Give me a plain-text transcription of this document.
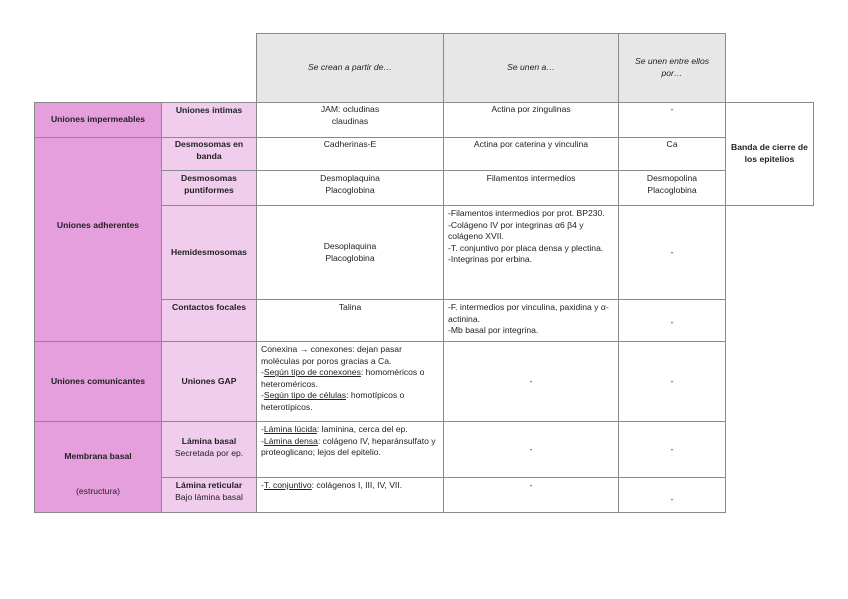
Se crean a partir de…	Se unen a…
Se unen entre ellos por…
Uniones impermeables
Uniones adherentes
Uniones comunicantes
Membrana basal
(estructura)
Uniones íntimas
Desmosomas en banda
Desmosomas puntiformes
Hemidesmosomas
Contactos focales
Uniones GAP
Lámina basal
Secretada por ep.
Lámina reticular
Bajo lámina basal
JAM: ocludinas
claudinas
Cadherinas-E
Desmoplaquina
Placoglobina
Desoplaquina
Placoglobina
Talina
Conexina → conexones: dejan pasar moléculas por poros gracias a Ca.
-Según tipo de conexones: homoméricos o heteroméricos.
-Según tipo de células: homotípicos o heterotípicos.
-Lámina lúcida: laminina, cerca del ep.
-Lámina densa: colágeno IV, heparánsulfato y proteoglicano; lejos del epitelio.
-T. conjuntivo: colágenos I, III, IV, VII.
Actina por zingulinas
Actina por caterina y vinculina
Filamentos intermedios
-Filamentos intermedios por prot. BP230.
-Colágeno IV por integrinas α6 β4 y colágeno XVII.
-T. conjuntivo por placa densa y plectina.
-Integrinas por erbina.
-F. intermedios por vinculina, paxidina y α-actinina.
-Mb basal por integrina.
-
-
-
-
Ca
Desmopolina
Placoglobina
-
-
-
-
-
Banda de cierre de los epitelios
